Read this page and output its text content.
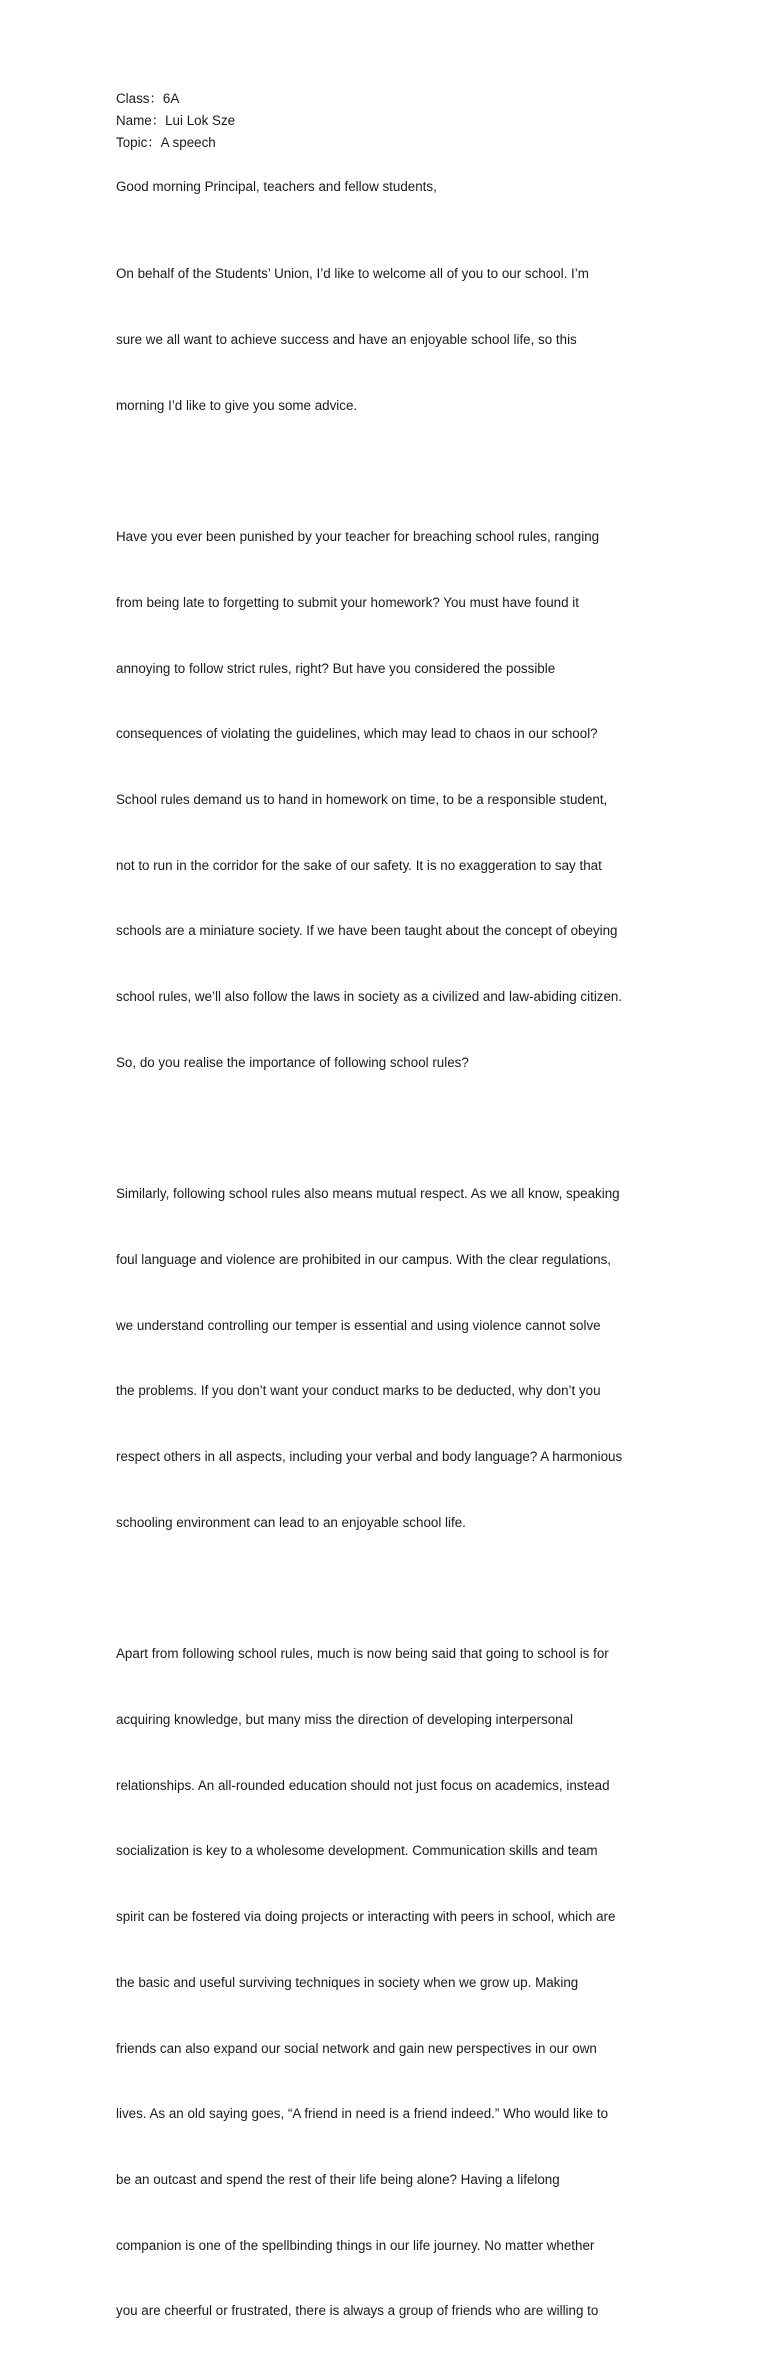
Class：6A

Name：Lui Lok Sze

Topic：A speech

Good morning Principal, teachers and fellow students,

On behalf of the Students’ Union, I’d like to welcome all of you to our school. I’m

sure we all want to achieve success and have an enjoyable school life, so this

morning I’d like to give you some advice.

Have you ever been punished by your teacher for breaching school rules, ranging

from being late to forgetting to submit your homework? You must have found it

annoying to follow strict rules, right? But have you considered the possible

consequences of violating the guidelines, which may lead to chaos in our school?

School rules demand us to hand in homework on time, to be a responsible student,

not to run in the corridor for the sake of our safety. It is no exaggeration to say that

schools are a miniature society. If we have been taught about the concept of obeying

school rules, we’ll also follow the laws in society as a civilized and law-abiding citizen.

So, do you realise the importance of following school rules?

Similarly, following school rules also means mutual respect. As we all know, speaking

foul language and violence are prohibited in our campus. With the clear regulations,

we understand controlling our temper is essential and using violence cannot solve

the problems. If you don’t want your conduct marks to be deducted, why don’t you

respect others in all aspects, including your verbal and body language? A harmonious

schooling environment can lead to an enjoyable school life.

Apart from following school rules, much is now being said that going to school is for

acquiring knowledge, but many miss the direction of developing interpersonal

relationships. An all-rounded education should not just focus on academics, instead

socialization is key to a wholesome development. Communication skills and team

spirit can be fostered via doing projects or interacting with peers in school, which are

the basic and useful surviving techniques in society when we grow up. Making

friends can also expand our social network and gain new perspectives in our own

lives. As an old saying goes, “A friend in need is a friend indeed.” Who would like to

be an outcast and spend the rest of their life being alone? Having a lifelong

companion is one of the spellbinding things in our life journey. No matter whether

you are cheerful or frustrated, there is always a group of friends who are willing to
